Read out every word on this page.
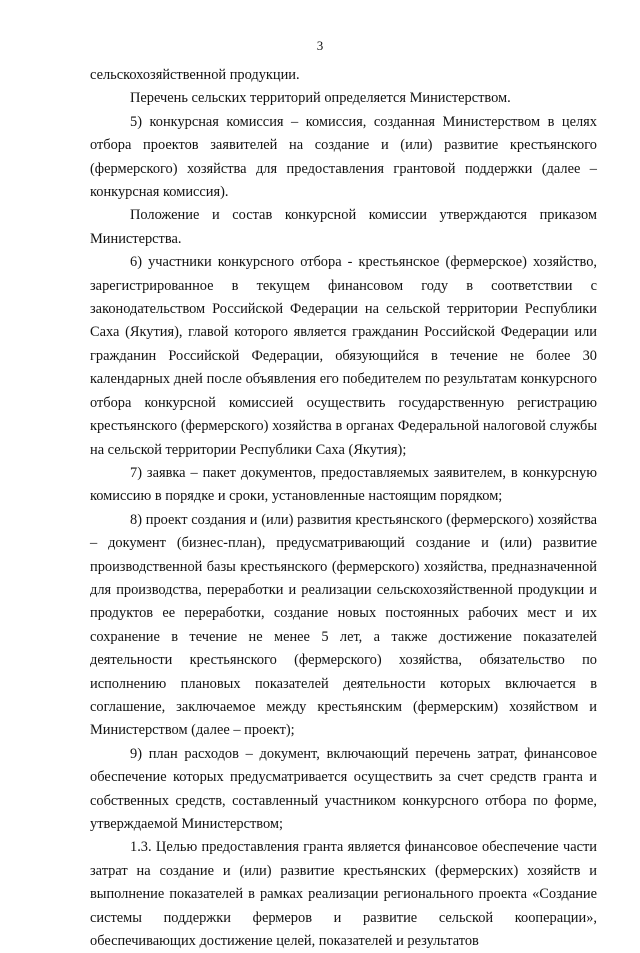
3

сельскохозяйственной продукции.

Перечень сельских территорий определяется Министерством.

5) конкурсная комиссия – комиссия, созданная Министерством в целях отбора проектов заявителей на создание и (или) развитие крестьянского (фермерского) хозяйства для предоставления грантовой поддержки (далее – конкурсная комиссия).

Положение и состав конкурсной комиссии утверждаются приказом Министерства.

6) участники конкурсного отбора - крестьянское (фермерское) хозяйство, зарегистрированное в текущем финансовом году в соответствии с законодательством Российской Федерации на сельской территории Республики Саха (Якутия), главой которого является гражданин Российской Федерации или гражданин Российской Федерации, обязующийся в течение не более 30 календарных дней после объявления его победителем по результатам конкурсного отбора конкурсной комиссией осуществить государственную регистрацию крестьянского (фермерского) хозяйства в органах Федеральной налоговой службы на сельской территории Республики Саха (Якутия);

7) заявка – пакет документов, предоставляемых заявителем, в конкурсную комиссию в порядке и сроки, установленные настоящим порядком;

8) проект создания и (или) развития крестьянского (фермерского) хозяйства – документ (бизнес-план), предусматривающий создание и (или) развитие производственной базы крестьянского (фермерского) хозяйства, предназначенной для производства, переработки и реализации сельскохозяйственной продукции и продуктов ее переработки, создание новых постоянных рабочих мест и их сохранение в течение не менее 5 лет, а также достижение показателей деятельности крестьянского (фермерского) хозяйства, обязательство по исполнению плановых показателей деятельности которых включается в соглашение, заключаемое между крестьянским (фермерским) хозяйством и Министерством (далее – проект);

9) план расходов – документ, включающий перечень затрат, финансовое обеспечение которых предусматривается осуществить за счет средств гранта и собственных средств, составленный участником конкурсного отбора по форме, утверждаемой Министерством;

1.3. Целью предоставления гранта является финансовое обеспечение части затрат на создание и (или) развитие крестьянских (фермерских) хозяйств и выполнение показателей в рамках реализации регионального проекта «Создание системы поддержки фермеров и развитие сельской кооперации», обеспечивающих достижение целей, показателей и результатов
